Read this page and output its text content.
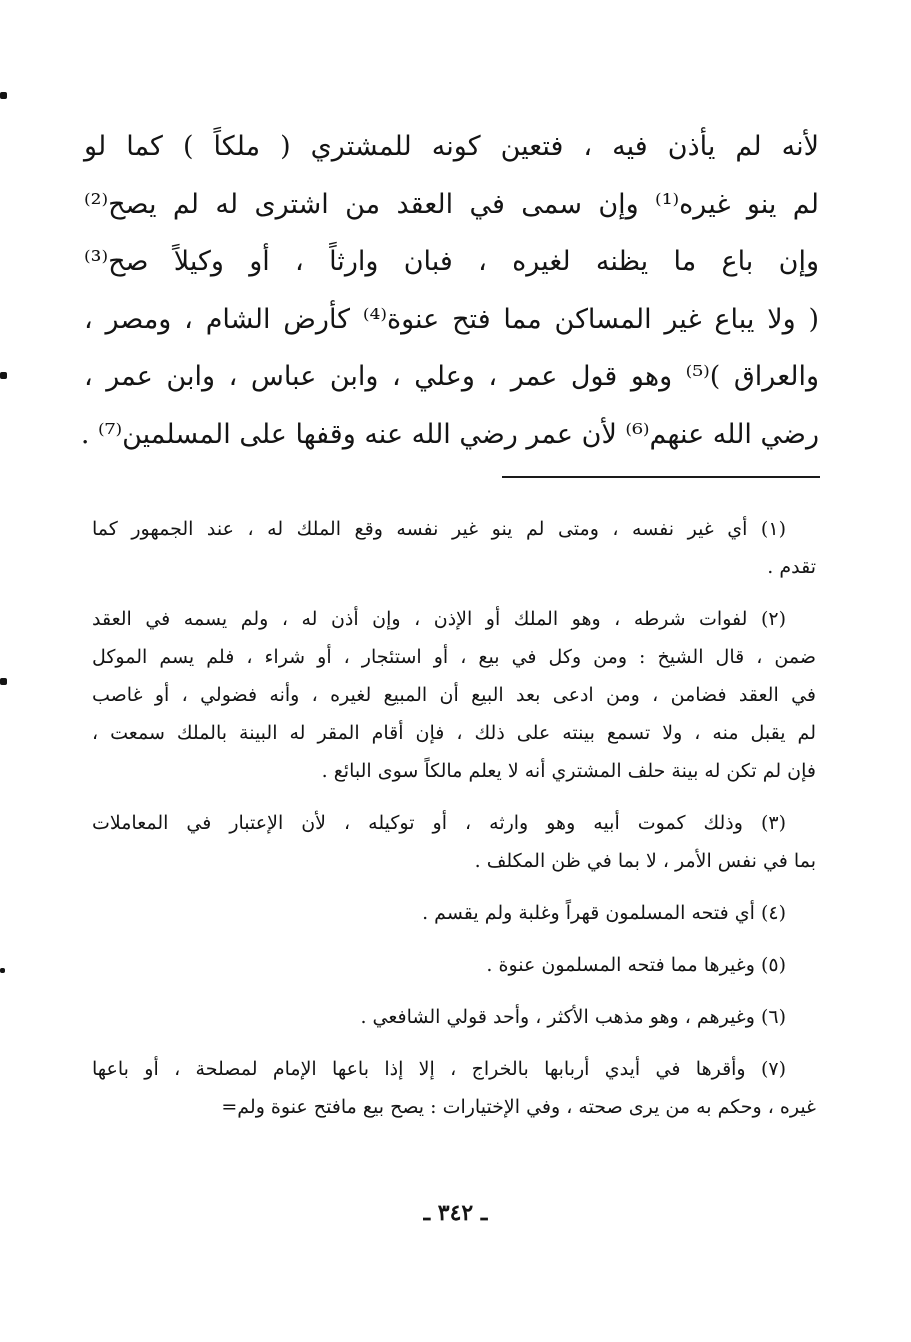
لأنه لم يأذن فيه ، فتعين كونه للمشتري ( ملكاً ) كما لو
لم ينو غيره⁽¹⁾ وإن سمى في العقد من اشترى له لم يصح⁽²⁾
وإن باع ما يظنه لغيره ، فبان وارثاً ، أو وكيلاً صح⁽³⁾
( ولا يباع غير المساكن مما فتح عنوة⁽⁴⁾ كأرض الشام ، ومصر ،
والعراق )⁽⁵⁾ وهو قول عمر ، وعلي ، وابن عباس ، وابن عمر ،
رضي الله عنهم⁽⁶⁾ لأن عمر رضي الله عنه وقفها على المسلمين⁽⁷⁾ .
(١) أي غير نفسه ، ومتى لم ينو غير نفسه وقع الملك له ، عند الجمهور كما
تقدم .
(٢) لفوات شرطه ، وهو الملك أو الإذن ، وإن أذن له ، ولم يسمه في العقد
ضمن ، قال الشيخ : ومن وكل في بيع ، أو استئجار ، أو شراء ، فلم يسم الموكل
في العقد فضامن ، ومن ادعى بعد البيع أن المبيع لغيره ، وأنه فضولي ، أو غاصب
لم يقبل منه ، ولا تسمع بينته على ذلك ، فإن أقام المقر له البينة بالملك سمعت ،
فإن لم تكن له بينة حلف المشتري أنه لا يعلم مالكاً سوى البائع .
(٣) وذلك كموت أبيه وهو وارثه ، أو توكيله ، لأن الإعتبار في المعاملات
بما في نفس الأمر ، لا بما في ظن المكلف .
(٤) أي فتحه المسلمون قهراً وغلبة ولم يقسم .
(٥) وغيرها مما فتحه المسلمون عنوة .
(٦) وغيرهم ، وهو مذهب الأكثر ، وأحد قولي الشافعي .
(٧) وأقرها في أيدي أربابها بالخراج ، إلا إذا باعها الإمام لمصلحة ، أو باعها
غيره ، وحكم به من يرى صحته ، وفي الإختيارات : يصح بيع مافتح عنوة ولم=
ـ ٣٤٢ ـ
